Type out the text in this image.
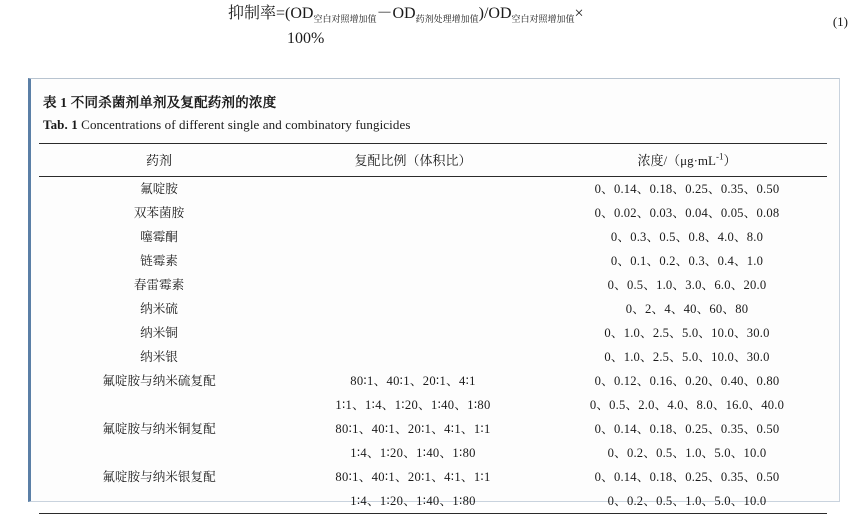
抑制率$=(OD_{空白对照增加值}-OD_{药剂处理增加值})/OD_{空白对照增加值}\times$
100%
(1)
表 1 不同杀菌剂单剂及复配药剂的浓度
Tab. 1 Concentrations of different single and combinatory fungicides
药剂	复配比例（体积比）	浓度$/(\mu g\cdot mL^{-1})$
氟啶胺		0、0.14、0.18、0.25、0.35、0.50
双苯菌胺		0、0.02、0.03、0.04、0.05、0.08
噻霉酮		0、0.3、0.5、0.8、4.0、8.0
链霉素		0、0.1、0.2、0.3、0.4、1.0
春雷霉素		0、0.5、1.0、3.0、6.0、20.0
纳米硫		0、2、4、40、60、80
纳米铜		0、1.0、2.5、5.0、10.0、30.0
纳米银		0、1.0、2.5、5.0、10.0、30.0
氟啶胺与纳米硫复配	80∶1、40∶1、20∶1、4∶1	0、0.12、0.16、0.20、0.40、0.80
	1∶1、1∶4、1∶20、1∶40、1∶80	0、0.5、2.0、4.0、8.0、16.0、40.0
氟啶胺与纳米铜复配	80∶1、40∶1、20∶1、4∶1、1∶1	0、0.14、0.18、0.25、0.35、0.50
	1∶4、1∶20、1∶40、1∶80	0、0.2、0.5、1.0、5.0、10.0
氟啶胺与纳米银复配	80∶1、40∶1、20∶1、4∶1、1∶1	0、0.14、0.18、0.25、0.35、0.50
	1∶4、1∶20、1∶40、1∶80	0、0.2、0.5、1.0、5.0、10.0
